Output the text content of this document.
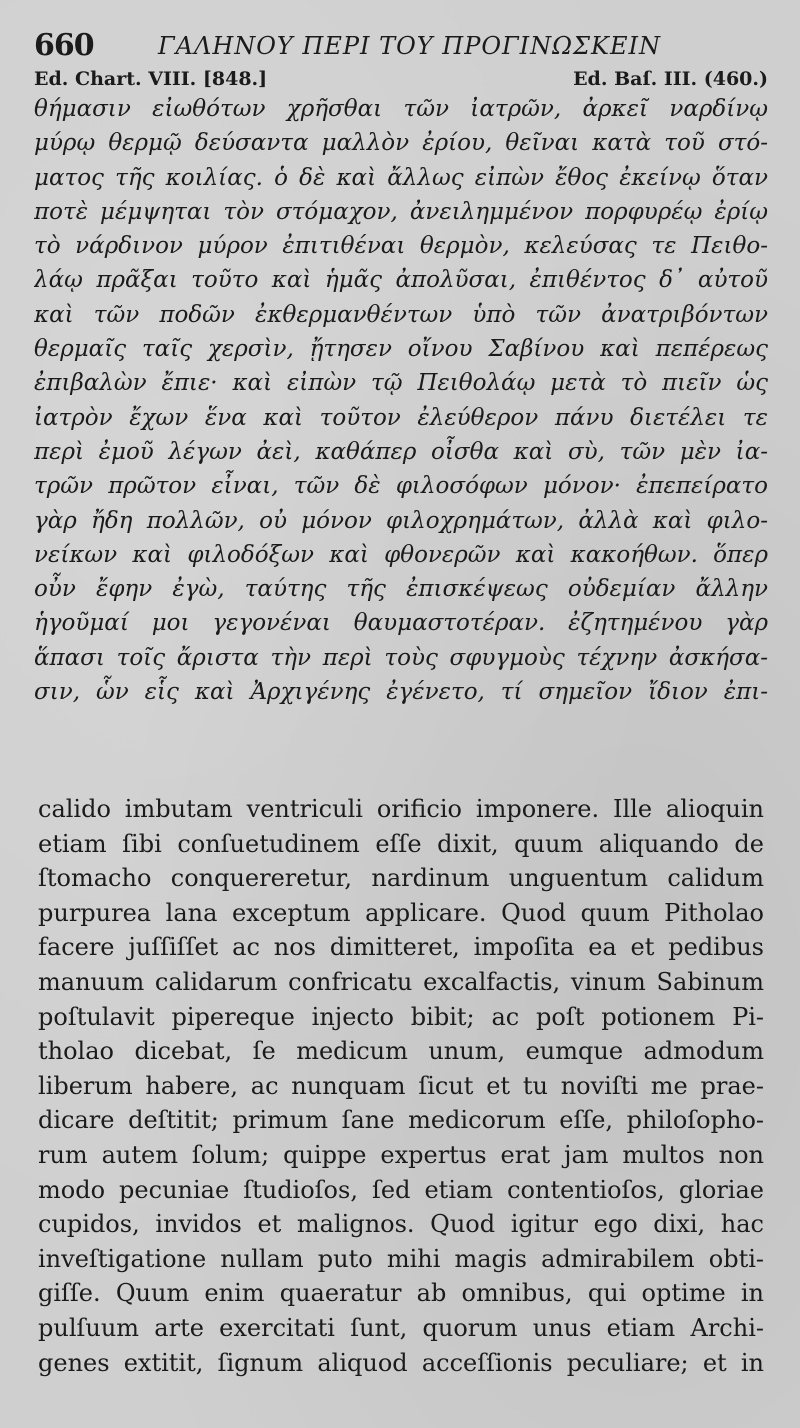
660	ΓΑΛΗΝΟΥ ΠΕΡΙ ΤΟΥ ΠΡΟΓΙΝΩΣΚΕΙΝ
Ed. Chart. VIII. [848.]	Ed. Baſ. III. (460.)
θήμασιν εἰωθότων χρῆσθαι τῶν ἰατρῶν, ἀρκεῖ ναρδίνῳ
μύρῳ θερμῷ δεύσαντα μαλλὸν ἐρίου, θεῖναι κατὰ τοῦ στό-
ματος τῆς κοιλίας. ὁ δὲ καὶ ἄλλως εἰπὼν ἔθος ἐκείνῳ ὅταν
ποτὲ μέμψηται τὸν στόμαχον, ἀνειλημμένον πορφυρέῳ ἐρίῳ
τὸ νάρδινον μύρον ἐπιτιθέναι θερμὸν, κελεύσας τε Πειθο-
λάῳ πρᾶξαι τοῦτο καὶ ἡμᾶς ἀπολῦσαι, ἐπιθέντος δ᾽ αὐτοῦ
καὶ τῶν ποδῶν ἐκθερμανθέντων ὑπὸ τῶν ἀνατριβόντων
θερμαῖς ταῖς χερσὶν, ᾔτησεν οἴνου Σαβίνου καὶ πεπέρεως
ἐπιβαλὼν ἔπιε· καὶ εἰπὼν τῷ Πειθολάῳ μετὰ τὸ πιεῖν ὡς
ἰατρὸν ἔχων ἕνα καὶ τοῦτον ἐλεύθερον πάνυ διετέλει τε
περὶ ἐμοῦ λέγων ἀεὶ, καθάπερ οἶσθα καὶ σὺ, τῶν μὲν ἰα-
τρῶν πρῶτον εἶναι, τῶν δὲ φιλοσόφων μόνον· ἐπεπείρατο
γὰρ ἤδη πολλῶν, οὐ μόνον φιλοχρημάτων, ἀλλὰ καὶ φιλο-
νείκων καὶ φιλοδόξων καὶ φθονερῶν καὶ κακοήθων. ὅπερ
οὖν ἔφην ἐγὼ, ταύτης τῆς ἐπισκέψεως οὐδεμίαν ἄλλην
ἡγοῦμαί μοι γεγονέναι θαυμαστοτέραν. ἐζητημένου γὰρ
ἅπασι τοῖς ἄριστα τὴν περὶ τοὺς σφυγμοὺς τέχνην ἀσκήσα-
σιν, ὧν εἷς καὶ Ἀρχιγένης ἐγένετο, τί σημεῖον ἴδιον ἐπι-
calido imbutam ventriculi orificio imponere. Ille alioquin
etiam ſibi conſuetudinem eſſe dixit, quum aliquando de
ſtomacho conquereretur, nardinum unguentum calidum
purpurea lana exceptum applicare. Quod quum Pitholao
facere juſſiſſet ac nos dimitteret, impoſita ea et pedibus
manuum calidarum confricatu excalfactis, vinum Sabinum
poſtulavit pipereque injecto bibit; ac poſt potionem Pi-
tholao dicebat, ſe medicum unum, eumque admodum
liberum habere, ac nunquam ſicut et tu noviſti me prae-
dicare deſtitit; primum ſane medicorum eſſe, philoſopho-
rum autem ſolum; quippe expertus erat jam multos non
modo pecuniae ſtudioſos, ſed etiam contentioſos, gloriae
cupidos, invidos et malignos. Quod igitur ego dixi, hac
inveſtigatione nullam puto mihi magis admirabilem obti-
giſſe. Quum enim quaeratur ab omnibus, qui optime in
pulſuum arte exercitati ſunt, quorum unus etiam Archi-
genes extitit, ſignum aliquod acceſſionis peculiare; et in
